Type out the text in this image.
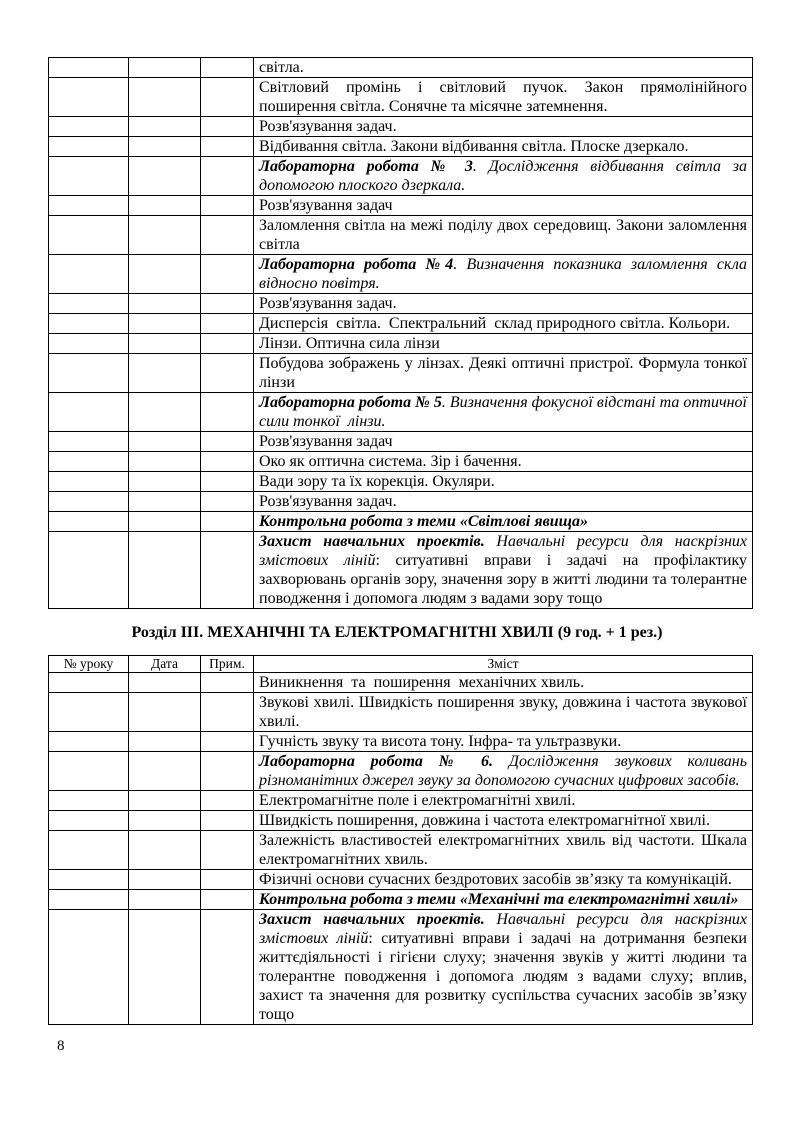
			світла.
			Світловий промінь і світловий пучок. Закон прямолінійного поширення світла. Сонячне та місячне затемнення.
			Розв'язування задач.
			Відбивання світла. Закони відбивання світла. Плоске дзеркало.
			Лабораторна робота № 3. Дослідження відбивання світла за допомогою плоского дзеркала.
			Розв'язування задач
			Заломлення світла на межі поділу двох середовищ. Закони заломлення світла
			Лабораторна робота №4. Визначення показника заломлення скла відносно повітря.
			Розв'язування задач.
			Дисперсія  світла.  Спектральний  склад природного світла. Кольори.
			Лінзи. Оптична сила лінзи
			Побудова зображень у лінзах. Деякі оптичні пристрої. Формула тонкої лінзи
			Лабораторна робота № 5. Визначення фокусної відстані та оптичної сили тонкої  лінзи.
			Розв'язування задач
			Око як оптична система. Зір і бачення.
			Вади зору та їх корекція. Окуляри.
			Розв'язування задач.
			Контрольна робота з теми «Світлові явища»
			Захист навчальних проектів. Навчальні ресурси для наскрізних змістових ліній: ситуативні вправи і задачі на профілактику захворювань органів зору, значення зору в житті людини та толерантне поводження і допомога людям з вадами зору тощо
Розділ ІІІ. МЕХАНІЧНІ ТА ЕЛЕКТРОМАГНІТНІ ХВИЛІ (9 год. + 1 рез.)
№ уроку	Дата	Прим.	Зміст
			Виникнення  та  поширення  механічних хвиль.
			Звукові хвилі. Швидкість поширення звуку, довжина і частота звукової хвилі.
			Гучність звуку та висота тону. Інфра- та ультразвуки.
			Лабораторна робота № 6. Дослідження звукових коливань різноманітних джерел звуку за допомогою сучасних цифрових засобів.
			Електромагнітне поле і електромагнітні хвилі.
			Швидкість поширення, довжина і частота електромагнітної хвилі.
			Залежність властивостей електромагнітних хвиль від частоти. Шкала електромагнітних хвиль.
			Фізичні основи сучасних бездротових засобів зв’язку та комунікацій.
			Контрольна робота з теми «Механічні та електромагнітні хвилі»
			Захист навчальних проектів. Навчальні ресурси для наскрізних змістових ліній: ситуативні вправи і задачі на дотримання безпеки життєдіяльності і гігієни слуху; значення звуків у житті людини та толерантне поводження і допомога людям з вадами слуху; вплив, захист та значення для розвитку суспільства сучасних засобів зв’язку тощо
8
